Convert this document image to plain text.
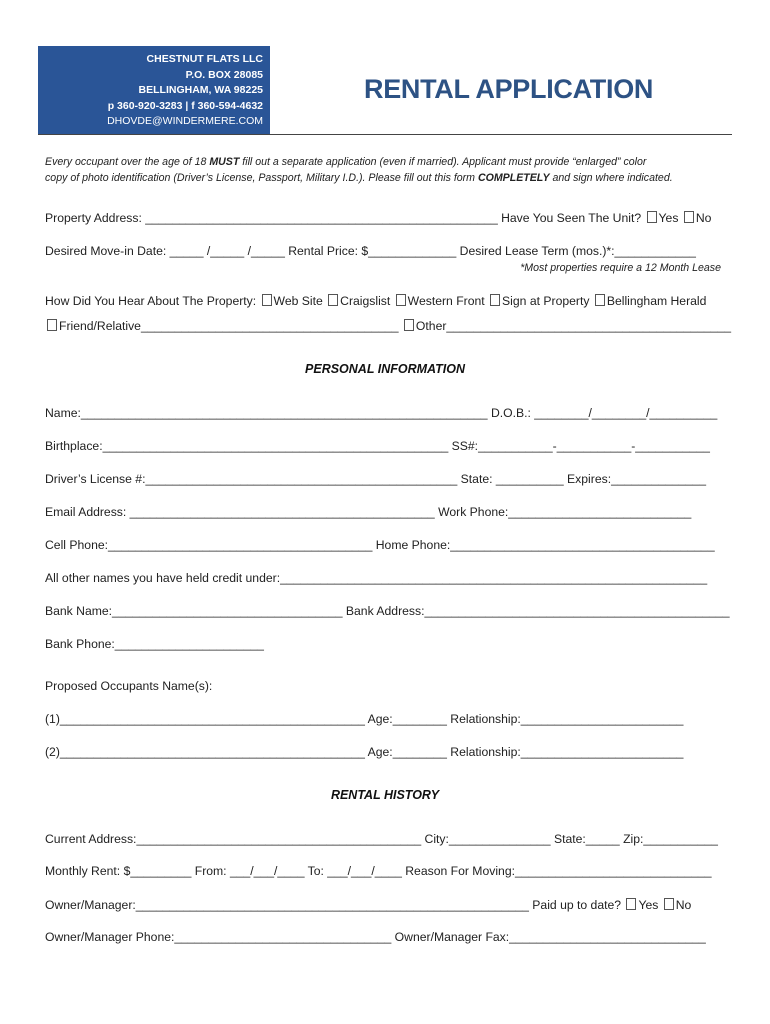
CHESTNUT FLATS LLC
P.O. BOX 28085
BELLINGHAM, WA 98225
p 360-920-3283 | f 360-594-4632
DHOVDE@WINDERMERE.COM
RENTAL APPLICATION
Every occupant over the age of 18 MUST fill out a separate application (even if married). Applicant must provide “enlarged” color
copy of photo identification (Driver’s License, Passport, Military I.D.). Please fill out this form COMPLETELY and sign where indicated.
Property Address: ____________________________________________________ Have You Seen The Unit? Yes No
Desired Move-in Date: _____ /_____ /_____ Rental Price: $_____________ Desired Lease Term (mos.)*:____________
*Most properties require a 12 Month Lease
How Did You Hear About The Property: Web Site Craigslist Western Front Sign at Property Bellingham Herald
Friend/Relative______________________________________ Other__________________________________________
PERSONAL INFORMATION
Name:____________________________________________________________ D.O.B.: ________/________/__________
Birthplace:___________________________________________________ SS#:___________-___________-___________
Driver’s License #:______________________________________________ State: __________ Expires:______________
Email Address: _____________________________________________ Work Phone:___________________________
Cell Phone:_______________________________________ Home Phone:_______________________________________
All other names you have held credit under:_______________________________________________________________
Bank Name:__________________________________ Bank Address:_____________________________________________
Bank Phone:______________________
Proposed Occupants Name(s):
(1)_____________________________________________ Age:________ Relationship:________________________
(2)_____________________________________________ Age:________ Relationship:________________________
RENTAL HISTORY
Current Address:__________________________________________ City:_______________ State:_____ Zip:___________
Monthly Rent: $_________ From: ___/___/____ To: ___/___/____ Reason For Moving:_____________________________
Owner/Manager:__________________________________________________________ Paid up to date? Yes No
Owner/Manager Phone:________________________________ Owner/Manager Fax:_____________________________
